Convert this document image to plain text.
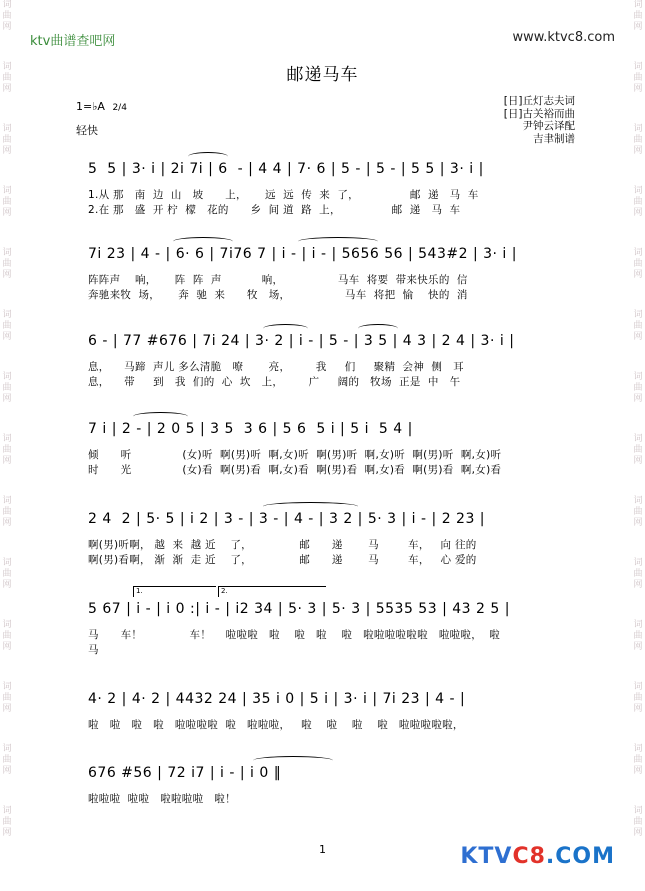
词
曲
网
词
曲
网
词
曲
网
词
曲
网
词
曲
网
词
曲
网
词
曲
网
词
曲
网
词
曲
网
词
曲
网
词
曲
网
词
曲
网
词
曲
网
词
曲
网
词
曲
网
词
曲
网
词
曲
网
词
曲
网
词
曲
网
词
曲
网
词
曲
网
词
曲
网
词
曲
网
词
曲
网
词
曲
网
词
曲
网
词
曲
网
词
曲
网
ktv曲谱查吧网	www.ktvc8.com
邮递马车
[日]丘灯志夫词
[日]古关裕而曲
尹钟云译配
吉聿制谱
1=♭A 2/4
轻快
5  5 | 3· i | 2i 7i | 6  - | 4 4 | 7· 6 | 5 - | 5 - | 5 5 | 3· i |
1.从 那   南  边  山   坡      上，     远  远  传  来  了，              邮  递   马  车
2.在 那   盛  开 柠  檬   花的      乡  间 道  路  上，              邮  递   马  车
7i 23 | 4 - | 6· 6 | 7i76 7 | i - | i - | 5656 56 | 543#2 | 3· i |
阵阵声    响，     阵  阵  声           响，               马车  将要  带来快乐的  信
奔驰来牧  场，     奔  驰  来      牧   场，               马车  将把  愉    快的  消
6 - | 77 #676 | 7i 24 | 3· 2 | i - | 5 - | 3 5 | 4 3 | 2 4 | 3· i |
息，    马蹄  声儿 多么清脆   嘹       亮，       我     们     聚精  会神  侧   耳
息，    带     到   我  们的  心  坎   上，       广     阔的   牧场  正是  中   午
7 i | 2 - | 2 0 5 | 3 5  3 6 | 5 6  5 i | 5 i  5 4 |
倾      听              (女)听  啊(男)听  啊,女)听  啊(男)听  啊,女)听  啊(男)听  啊,女)听
时      光              (女)看  啊(男)看  啊,女)看  啊(男)看  啊,女)看  啊(男)看  啊,女)看
2 4  2 | 5· 5 | i 2 | 3 - | 3 - | 4 - | 3 2 | 5· 3 | i - | 2 23 |
啊(男)听啊， 越  来  越 近    了，             邮      递       马        车，   向 往的
啊(男)看啊， 渐  渐  走 近    了，             邮      递       马        车，   心 爱的
1.	2.
5 67 | i - | i 0 :| i - | i2 34 | 5· 3 | 5· 3 | 5535 53 | 43 2 5 |
马      车！             车！    啦啦啦   啦    啦   啦    啦   啦啦啦啦啦啦   啦啦啦，  啦
马
4· 2 | 4· 2 | 4432 24 | 35 i 0 | 5 i | 3· i | 7i 23 | 4 - |
啦   啦   啦   啦   啦啦啦啦  啦   啦啦啦，   啦    啦    啦    啦   啦啦啦啦啦，
676 #56 | 72 i7 | i - | i 0 ‖
啦啦啦  啦啦   啦啦啦啦   啦！
1	KTVC8.COM
